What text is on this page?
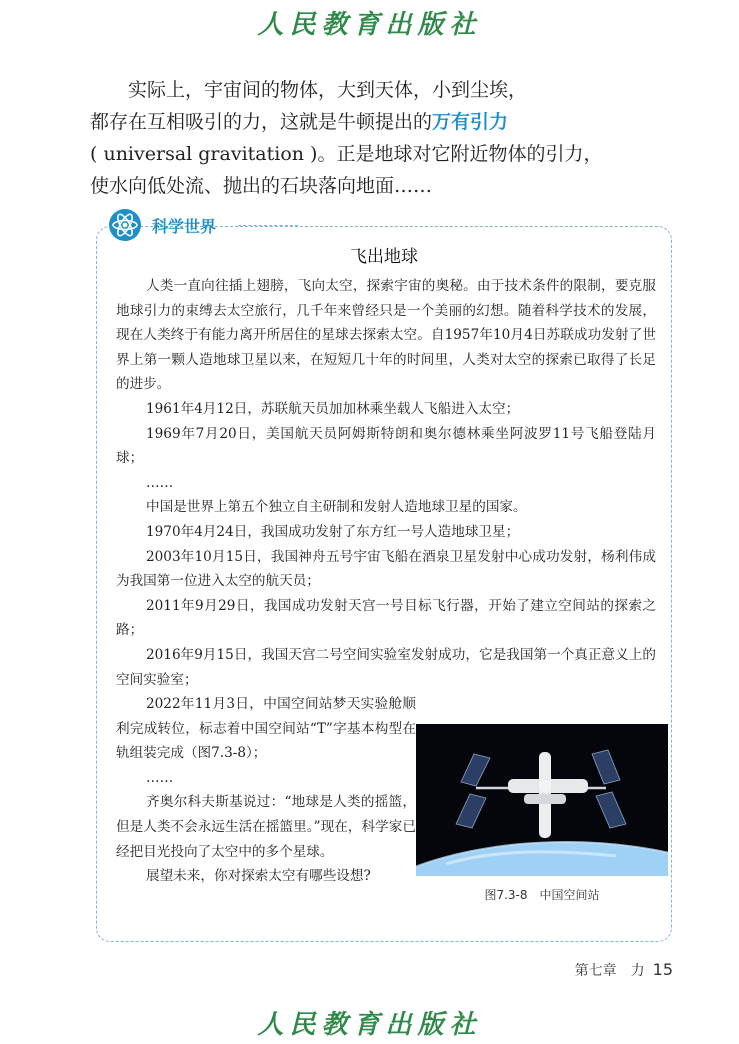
人民教育出版社

实际上，宇宙间的物体，大到天体，小到尘埃，

都存在互相吸引的力，这就是牛顿提出的万有引力

( universal gravitation )。正是地球对它附近物体的引力，

使水向低处流、抛出的石块落向地面……

科学世界
飞出地球

人类一直向往插上翅膀，飞向太空，探索宇宙的奥秘。由于技术条件的限制，要克服地球引力的束缚去太空旅行，几千年来曾经只是一个美丽的幻想。随着科学技术的发展，现在人类终于有能力离开所居住的星球去探索太空。自1957年10月4日苏联成功发射了世界上第一颗人造地球卫星以来，在短短几十年的时间里，人类对太空的探索已取得了长足的进步。

1961年4月12日，苏联航天员加加林乘坐载人飞船进入太空；

1969年7月20日，美国航天员阿姆斯特朗和奥尔德林乘坐阿波罗11号飞船登陆月球；

……

中国是世界上第五个独立自主研制和发射人造地球卫星的国家。

1970年4月24日，我国成功发射了东方红一号人造地球卫星；

2003年10月15日，我国神舟五号宇宙飞船在酒泉卫星发射中心成功发射，杨利伟成为我国第一位进入太空的航天员；

2011年9月29日，我国成功发射天宫一号目标飞行器，开始了建立空间站的探索之路；

2016年9月15日，我国天宫二号空间实验室发射成功，它是我国第一个真正意义上的空间实验室；

2022年11月3日，中国空间站梦天实验舱顺利完成转位，标志着中国空间站“T”字基本构型在轨组装完成（图7.3-8）；

……

齐奥尔科夫斯基说过：“地球是人类的摇篮，但是人类不会永远生活在摇篮里。”现在，科学家已经把目光投向了太空中的多个星球。

展望未来，你对探索太空有哪些设想?

图7.3-8　中国空间站
第七章　力 15
人民教育出版社
